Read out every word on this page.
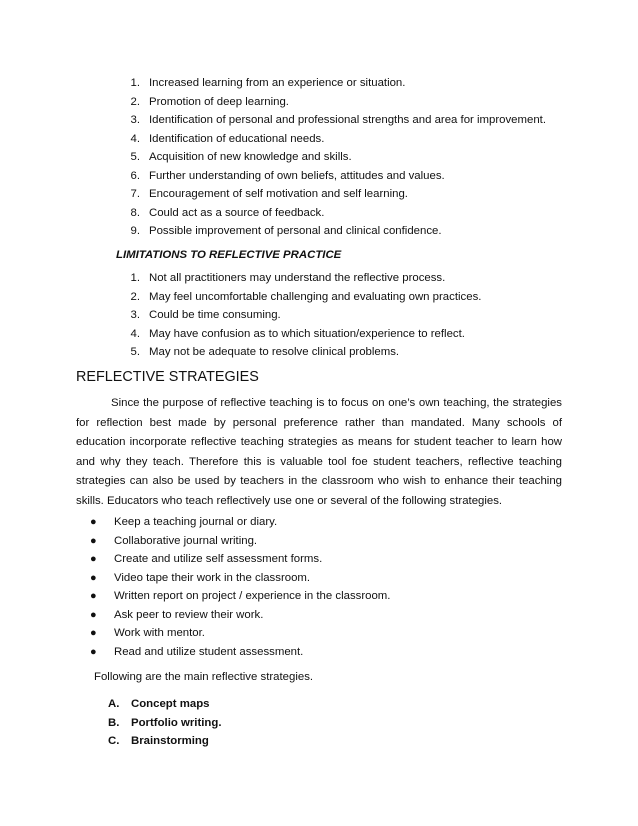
1. Increased learning from an experience or situation.
2. Promotion of deep learning.
3. Identification of personal and professional strengths and area for improvement.
4. Identification of educational needs.
5. Acquisition of new knowledge and skills.
6. Further understanding of own beliefs, attitudes and values.
7. Encouragement of self motivation and self learning.
8. Could act as a source of feedback.
9. Possible improvement of personal and clinical confidence.
LIMITATIONS TO REFLECTIVE PRACTICE
1. Not all practitioners may understand the reflective process.
2. May feel uncomfortable challenging and evaluating own practices.
3. Could be time consuming.
4. May have confusion as to which situation/experience to reflect.
5. May not be adequate to resolve clinical problems.
REFLECTIVE STRATEGIES

Since the purpose of reflective teaching is to focus on one’s own teaching, the strategies for reflection best made by personal preference rather than mandated. Many schools of education incorporate reflective teaching strategies as means for student teacher to learn how and why they teach. Therefore this is valuable tool foe student teachers, reflective teaching strategies can also be used by teachers in the classroom who wish to enhance their teaching skills. Educators who teach reflectively use one or several of the following strategies.

●	Keep a teaching journal or diary.
●	Collaborative journal writing.
●	Create and utilize self assessment forms.
●	Video tape their work in the classroom.
●	Written report on project / experience in the classroom.
●	Ask peer to review their work.
●	Work with mentor.
●	Read and utilize student assessment.
Following are the main reflective strategies.
A.	Concept maps
B.	Portfolio writing.
C.	Brainstorming
